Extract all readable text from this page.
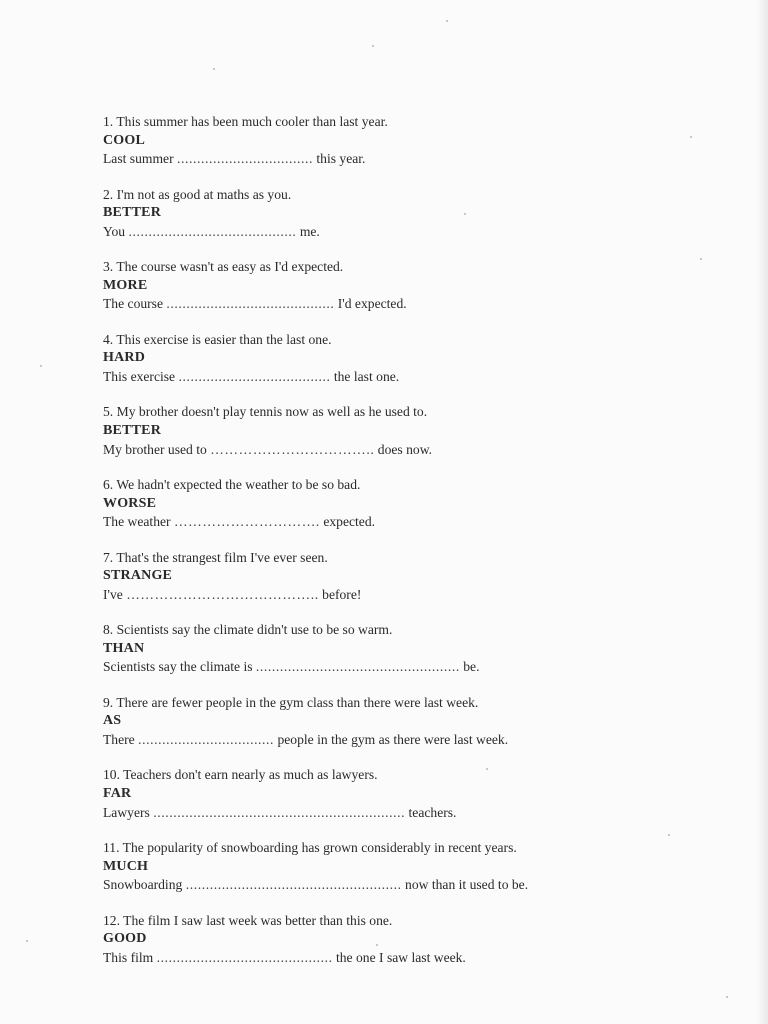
1. This summer has been much cooler than last year.
COOL
Last summer .................................. this year.
2. I'm not as good at maths as you.
BETTER
You .......................................... me.
3. The course wasn't as easy as I'd expected.
MORE
The course .......................................... I'd expected.
4. This exercise is easier than the last one.
HARD
This exercise ...................................... the last one.
5. My brother doesn't play tennis now as well as he used to.
BETTER
My brother used to …………………………….. does now.
6. We hadn't expected the weather to be so bad.
WORSE
The weather …………………………. expected.
7. That's the strangest film I've ever seen.
STRANGE
I've ………………………………….. before!
8. Scientists say the climate didn't use to be so warm.
THAN
Scientists say the climate is ................................................... be.
9. There are fewer people in the gym class than there were last week.
AS
There .................................. people in the gym as there were last week.
10. Teachers don't earn nearly as much as lawyers.
FAR
Lawyers ............................................................... teachers.
11. The popularity of snowboarding has grown considerably in recent years.
MUCH
Snowboarding ...................................................... now than it used to be.
12. The film I saw last week was better than this one.
GOOD
This film ............................................ the one I saw last week.
